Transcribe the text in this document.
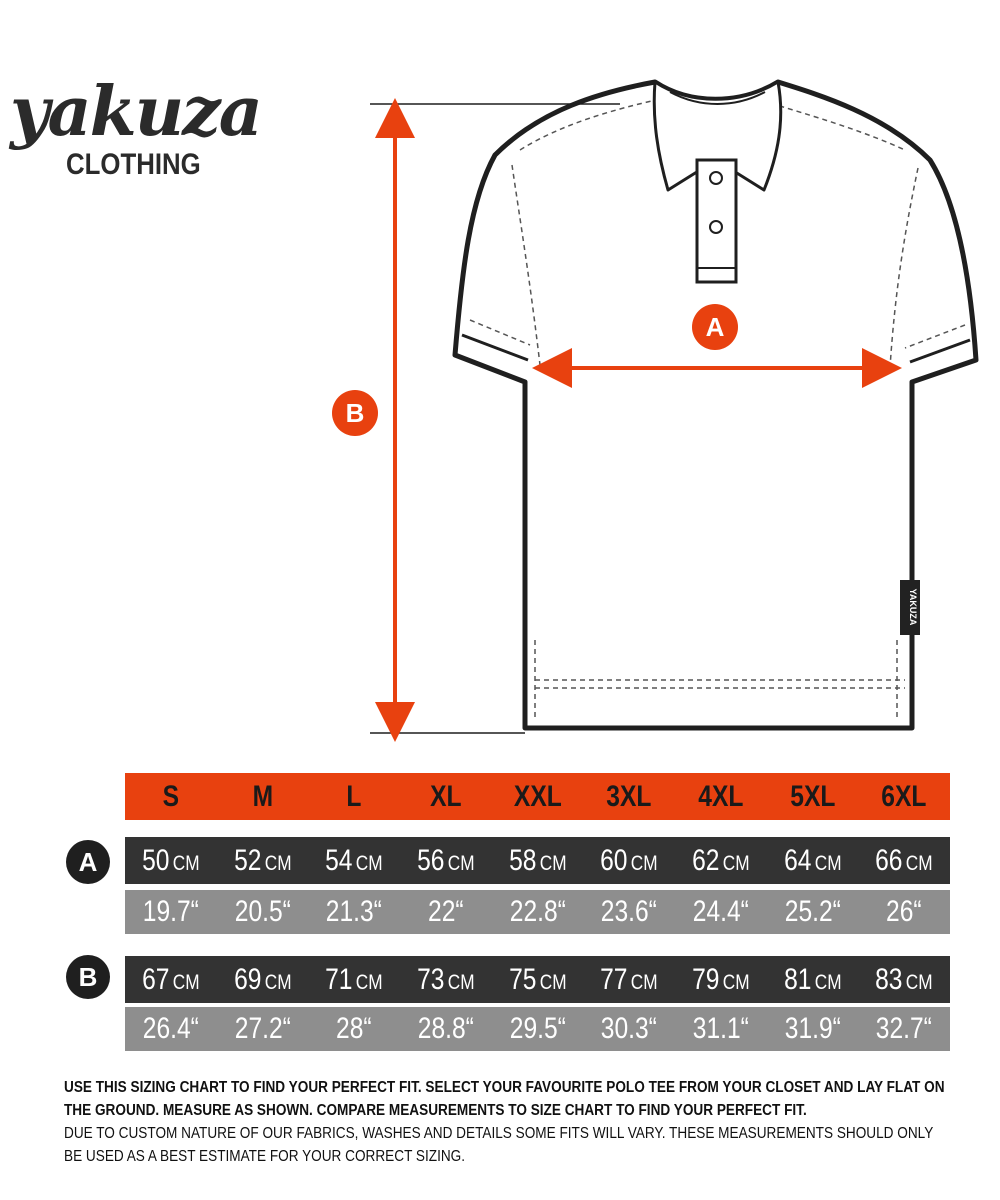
yakuza
CLOTHING
YAKUZA
A
B
S	M	L	XL	XXL	3XL	4XL	5XL	6XL
50 CM 52 CM 54 CM 56 CM 58 CM 60 CM 62 CM 64 CM 66 CM
19.7“	20.5“	21.3“	22“	22.8“	23.6“	24.4“	25.2“	26“
67 CM 69 CM 71 CM 73 CM 75 CM 77 CM 79 CM 81 CM 83 CM
26.4“	27.2“	28“	28.8“	29.5“	30.3“	31.1“	31.9“	32.7“
A
B

USE THIS SIZING CHART TO FIND YOUR PERFECT FIT. SELECT YOUR FAVOURITE POLO TEE FROM YOUR CLOSET AND LAY FLAT ON THE GROUND. MEASURE AS SHOWN. COMPARE MEASUREMENTS TO SIZE CHART TO FIND YOUR PERFECT FIT.

DUE TO CUSTOM NATURE OF OUR FABRICS, WASHES AND DETAILS SOME FITS WILL VARY. THESE MEASUREMENTS SHOULD ONLY BE USED AS A BEST ESTIMATE FOR YOUR CORRECT SIZING.
